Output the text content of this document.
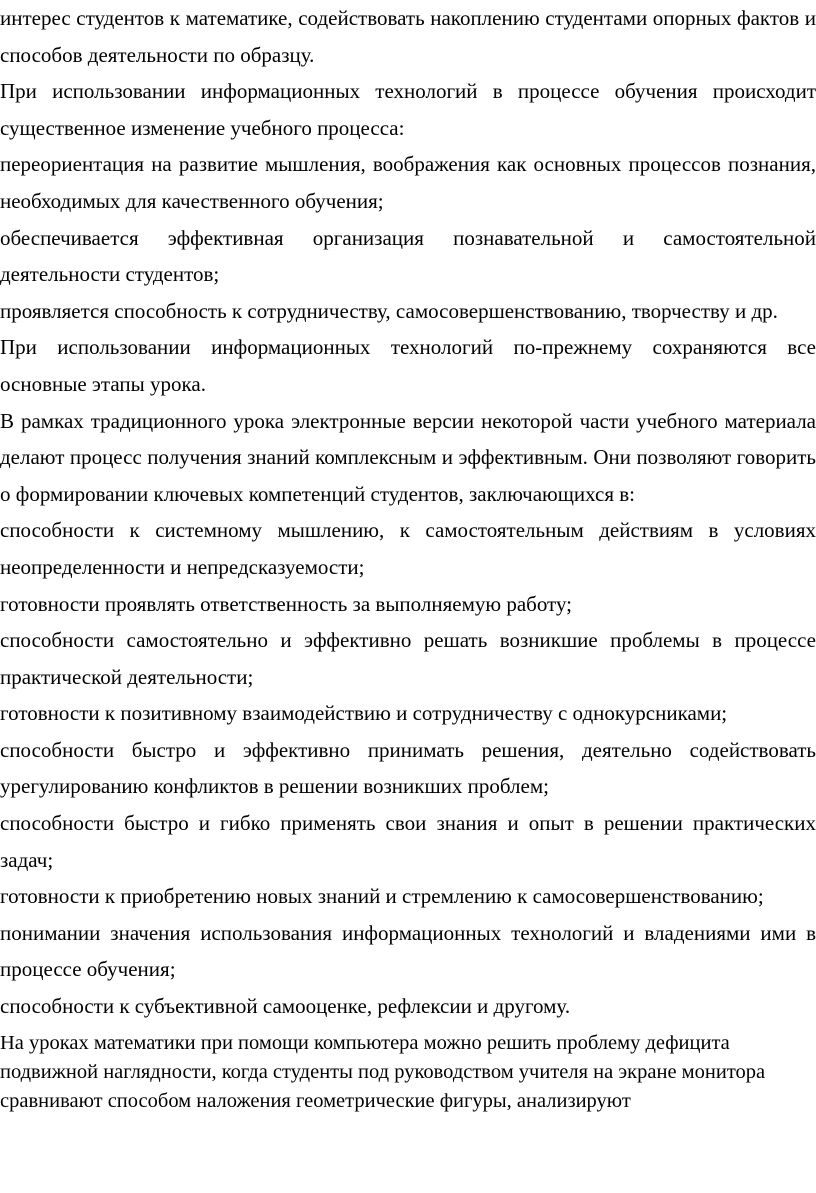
интерес студентов к математике, содействовать накоплению студентами опорных фактов и способов деятельности по образцу.

При использовании информационных технологий в процессе обучения происходит существенное изменение учебного процесса:

переориентация на развитие мышления, воображения как основных процессов познания, необходимых для качественного обучения;

обеспечивается эффективная организация познавательной и самостоятельной деятельности студентов;

проявляется способность к сотрудничеству, самосовершенствованию, творчеству и др.

При использовании информационных технологий по-прежнему сохраняются все основные этапы урока.

В рамках традиционного урока электронные версии некоторой части учебного материала делают процесс получения знаний комплексным и эффективным. Они позволяют говорить о формировании ключевых компетенций студентов, заключающихся в:

способности к системному мышлению, к самостоятельным действиям в условиях неопределенности и непредсказуемости;

готовности проявлять ответственность за выполняемую работу;

способности самостоятельно и эффективно решать возникшие проблемы в процессе практической деятельности;

готовности к позитивному взаимодействию и сотрудничеству с однокурсниками;

способности быстро и эффективно принимать решения, деятельно содействовать урегулированию конфликтов в решении возникших проблем;

способности быстро и гибко применять свои знания и опыт в решении практических задач;

готовности к приобретению новых знаний и стремлению к самосовершенствованию;

понимании значения использования информационных технологий и владениями ими в процессе обучения;

способности к субъективной самооценке, рефлексии и другому.

На уроках математики при помощи компьютера можно решить проблему дефицита подвижной наглядности, когда студенты под руководством учителя на экране монитора сравнивают способом наложения геометрические фигуры, анализируют
